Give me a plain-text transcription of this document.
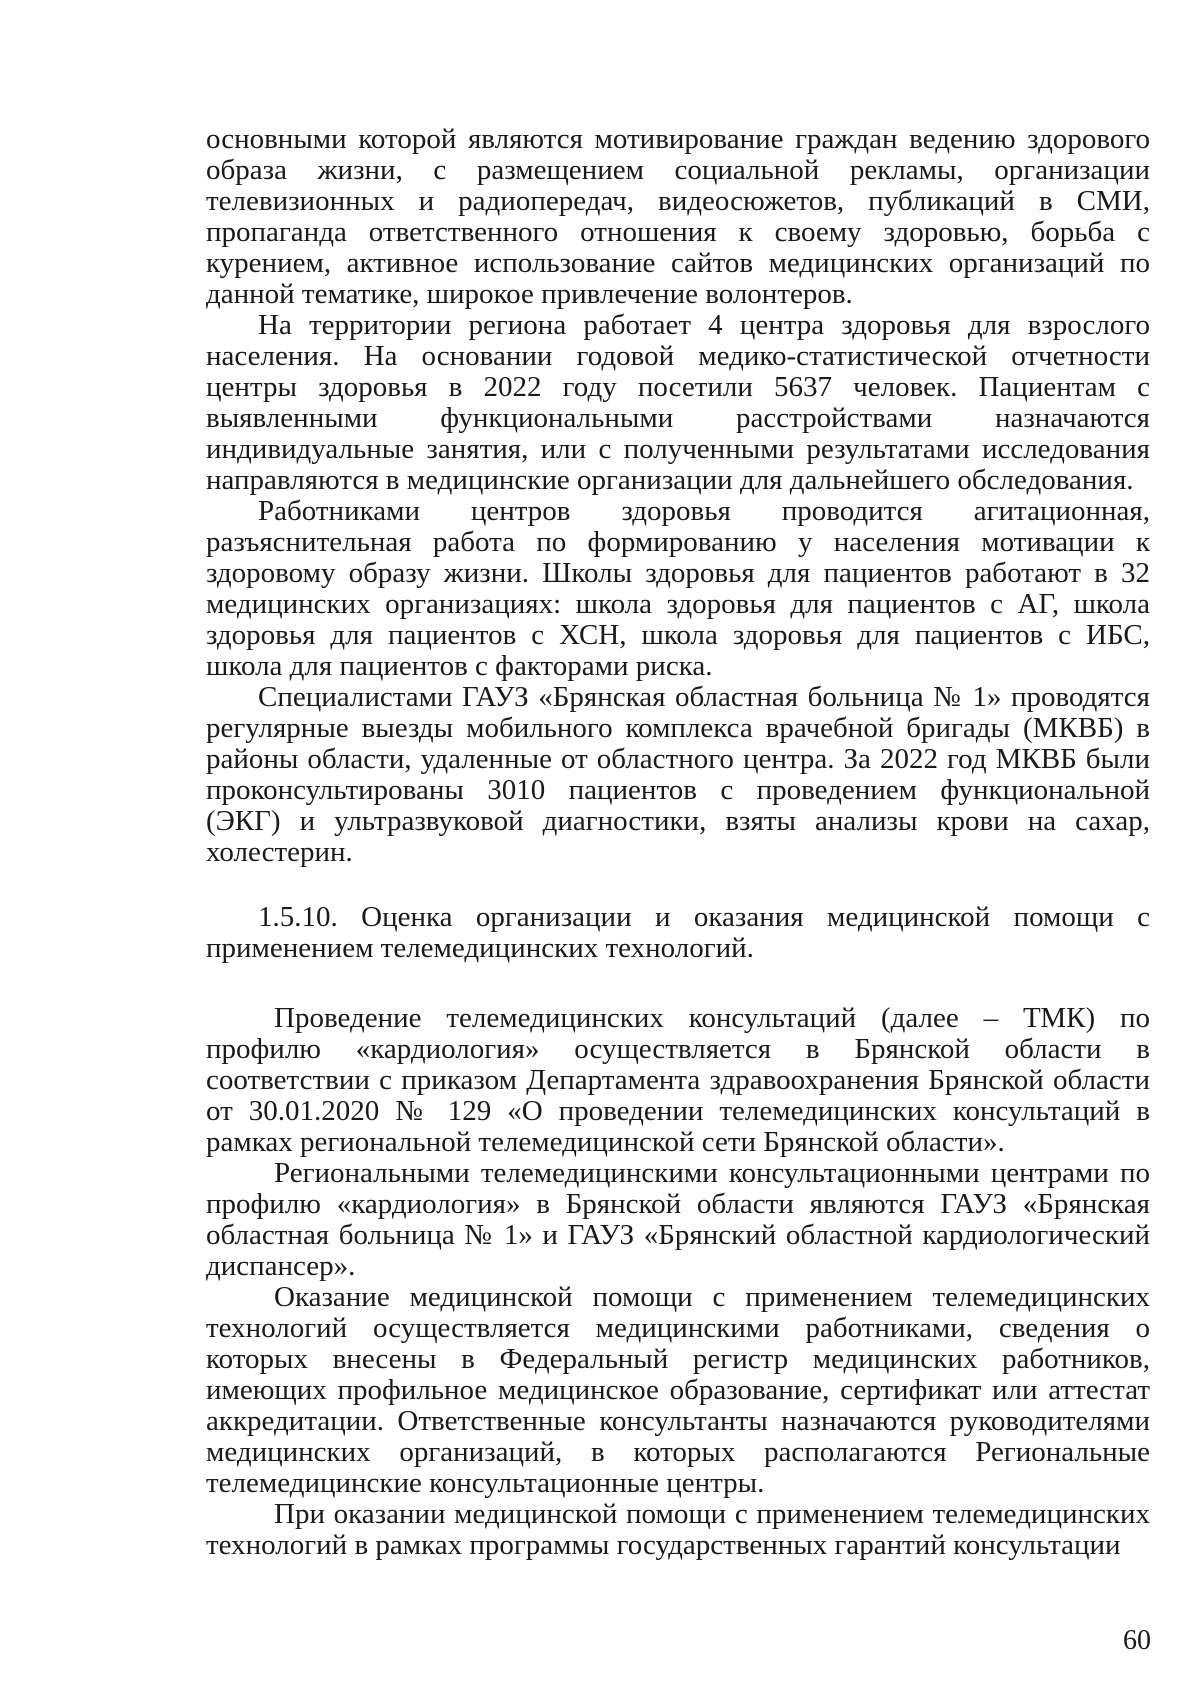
основными которой являются мотивирование граждан ведению здорового образа жизни, с размещением социальной рекламы, организации телевизионных и радиопередач, видеосюжетов, публикаций в СМИ, пропаганда ответственного отношения к своему здоровью, борьба с курением, активное использование сайтов медицинских организаций по данной тематике, широкое привлечение волонтеров.

На территории региона работает 4 центра здоровья для взрослого населения. На основании годовой медико-статистической отчетности центры здоровья в 2022 году посетили 5637 человек. Пациентам с выявленными функциональными расстройствами назначаются индивидуальные занятия, или с полученными результатами исследования направляются в медицинские организации для дальнейшего обследования.

Работниками центров здоровья проводится агитационная, разъяснительная работа по формированию у населения мотивации к здоровому образу жизни. Школы здоровья для пациентов работают в 32 медицинских организациях: школа здоровья для пациентов с АГ, школа здоровья для пациентов с ХСН, школа здоровья для пациентов с ИБС, школа для пациентов с факторами риска.

Специалистами ГАУЗ «Брянская областная больница № 1» проводятся регулярные выезды мобильного комплекса врачебной бригады (МКВБ) в районы области, удаленные от областного центра. За 2022 год МКВБ были проконсультированы 3010 пациентов с проведением функциональной (ЭКГ) и ультразвуковой диагностики, взяты анализы крови на сахар, холестерин.

1.5.10. Оценка организации и оказания медицинской помощи с применением телемедицинских технологий.

Проведение телемедицинских консультаций (далее – ТМК) по профилю «кардиология» осуществляется в Брянской области в соответствии с приказом Департамента здравоохранения Брянской области от 30.01.2020 № 129 «О проведении телемедицинских консультаций в рамках региональной телемедицинской сети Брянской области».

Региональными телемедицинскими консультационными центрами по профилю «кардиология» в Брянской области являются ГАУЗ «Брянская областная больница № 1» и ГАУЗ «Брянский областной кардиологический диспансер».

Оказание медицинской помощи с применением телемедицинских технологий осуществляется медицинскими работниками, сведения о которых внесены в Федеральный регистр медицинских работников, имеющих профильное медицинское образование, сертификат или аттестат аккредитации. Ответственные консультанты назначаются руководителями медицинских организаций, в которых располагаются Региональные телемедицинские консультационные центры.

При оказании медицинской помощи с применением телемедицинских технологий в рамках программы государственных гарантий консультации

60
